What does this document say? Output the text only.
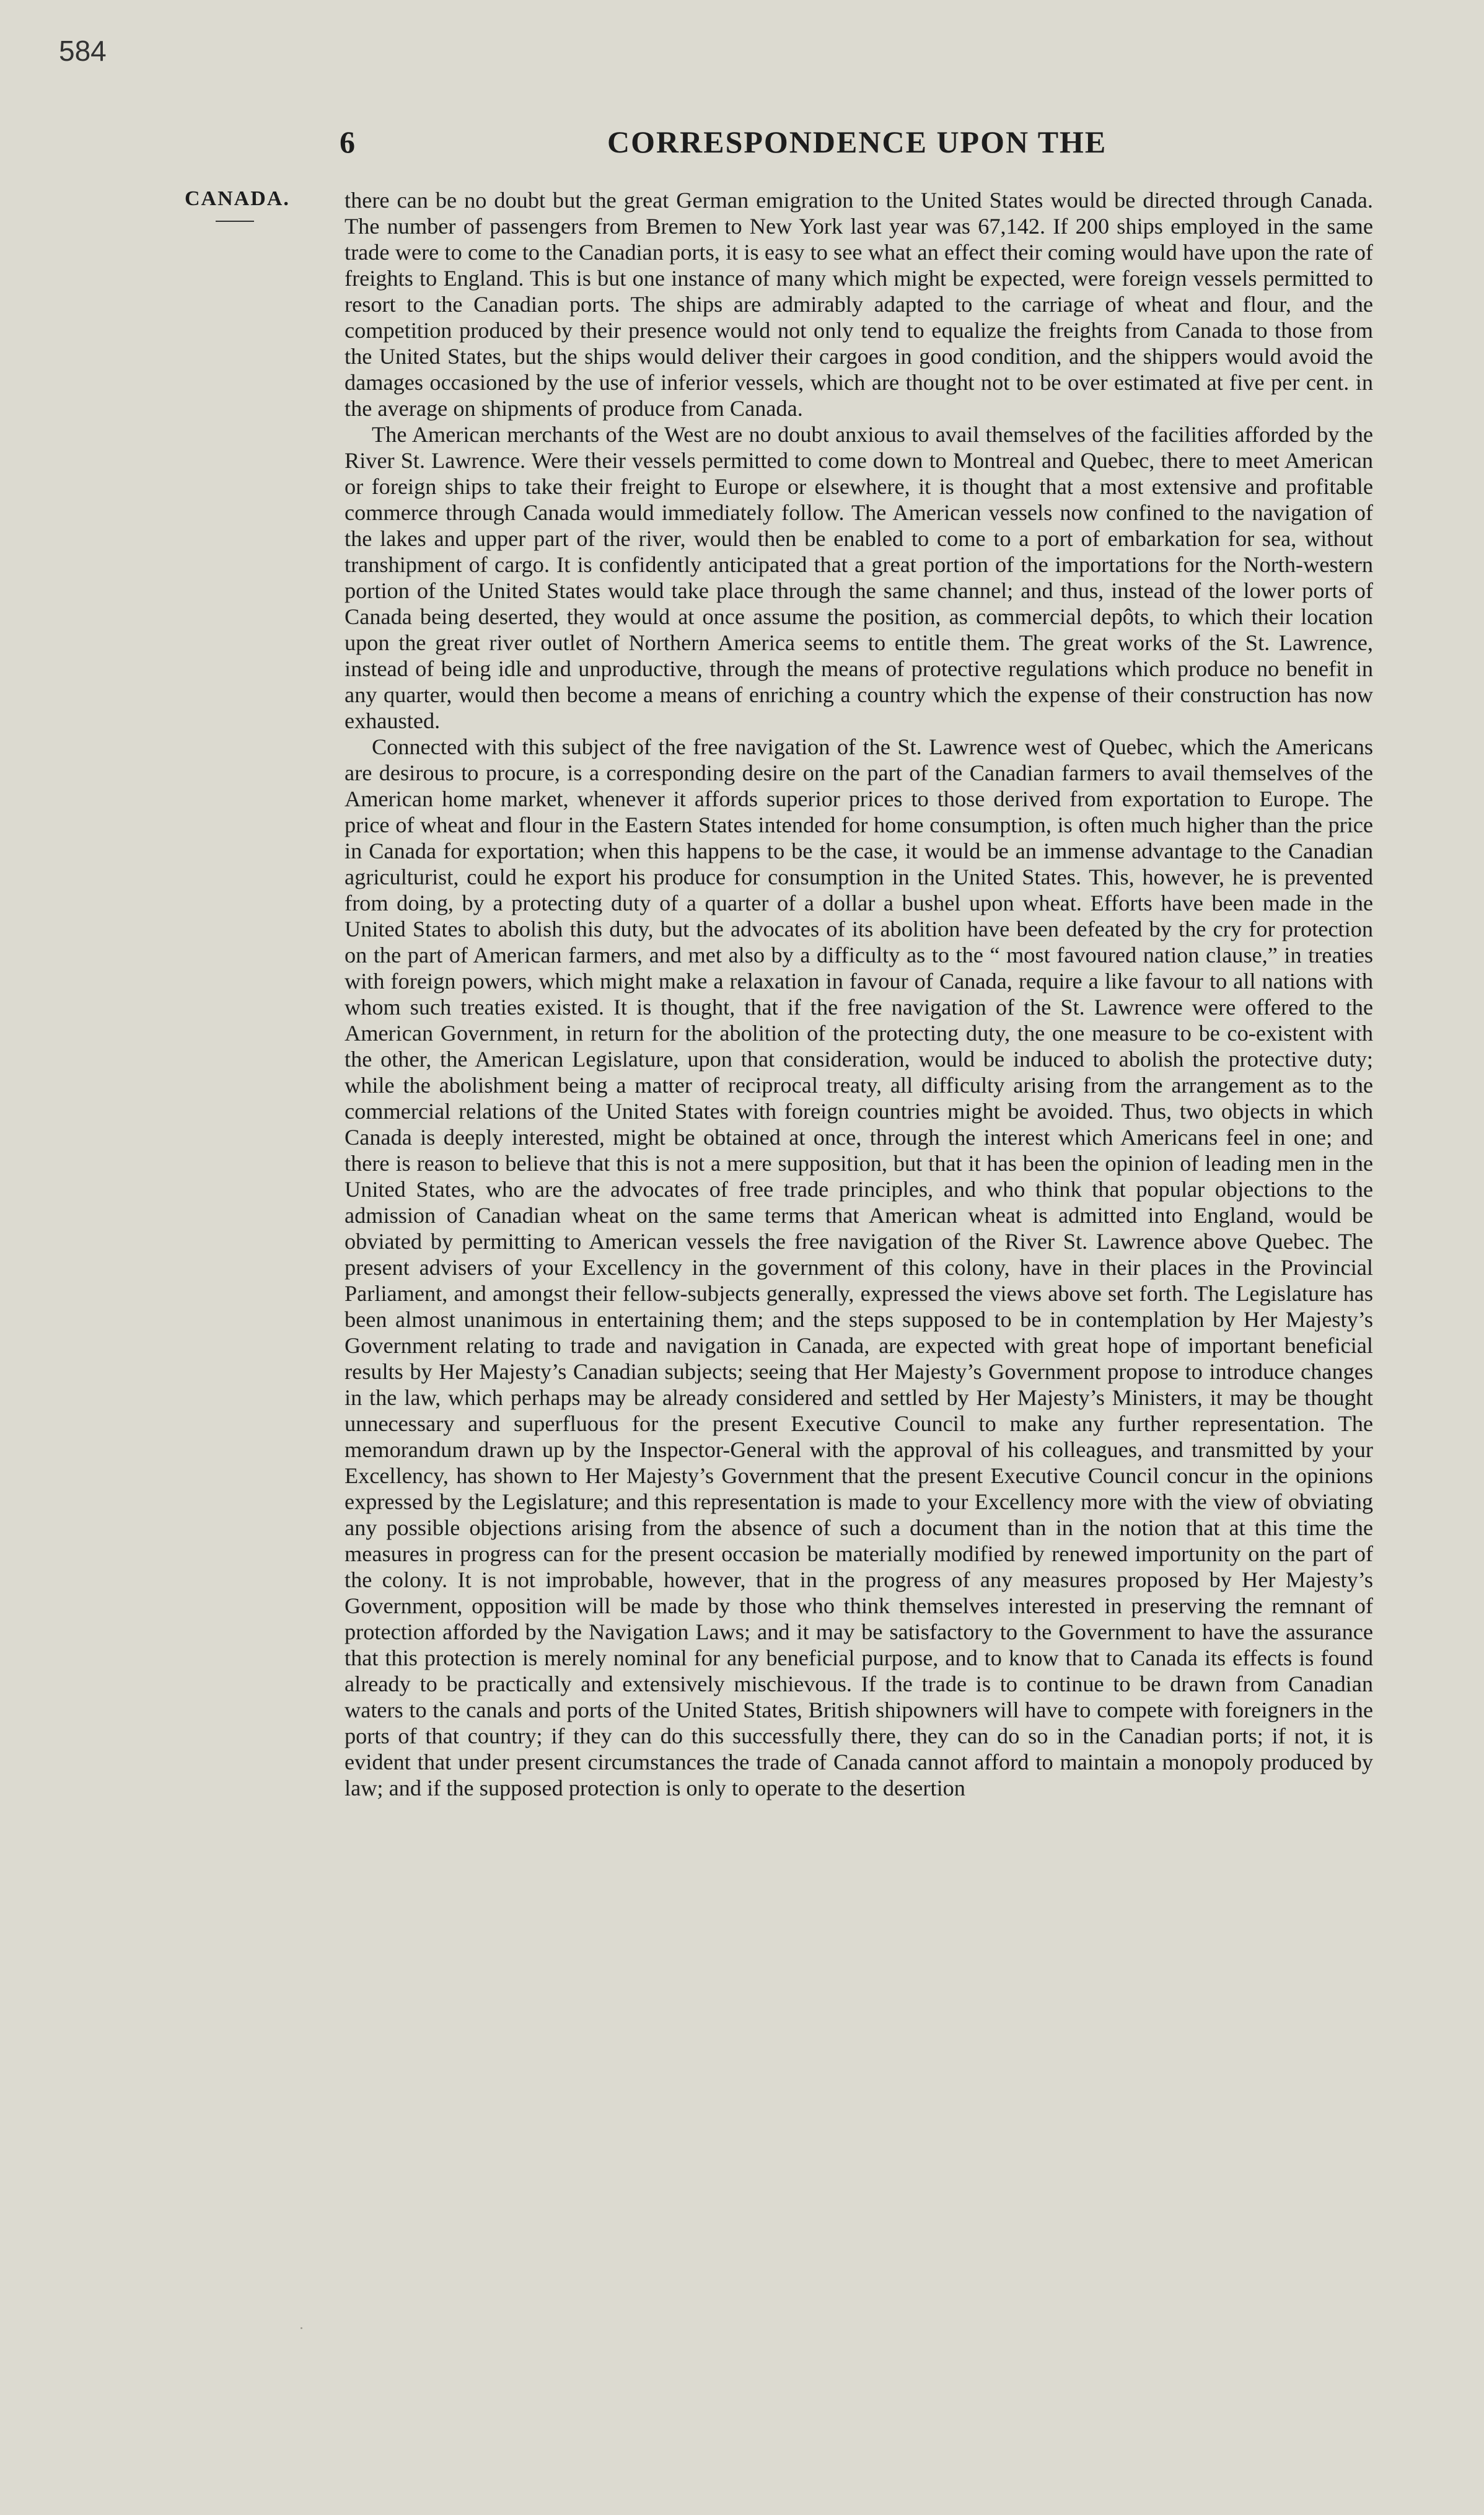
584
6	CORRESPONDENCE UPON THE
CANADA. there can be no doubt but the great German emigration to the United States would be directed through Canada. The number of passengers from Bremen to New York last year was 67,142. If 200 ships employed in the same trade were to come to the Canadian ports, it is easy to see what an effect their coming would have upon the rate of freights to England. This is but one instance of many which might be expected, were foreign vessels permitted to resort to the Canadian ports. The ships are admirably adapted to the carriage of wheat and flour, and the competition produced by their presence would not only tend to equalize the freights from Canada to those from the United States, but the ships would deliver their cargoes in good condition, and the shippers would avoid the damages occasioned by the use of inferior vessels, which are thought not to be over estimated at five per cent. in the average on shipments of produce from Canada.

The American merchants of the West are no doubt anxious to avail themselves of the facilities afforded by the River St. Lawrence. Were their vessels permitted to come down to Montreal and Quebec, there to meet American or foreign ships to take their freight to Europe or elsewhere, it is thought that a most extensive and profitable commerce through Canada would immediately follow. The American vessels now confined to the navigation of the lakes and upper part of the river, would then be enabled to come to a port of embarkation for sea, without transhipment of cargo. It is confidently anticipated that a great portion of the importations for the North-western portion of the United States would take place through the same channel; and thus, instead of the lower ports of Canada being deserted, they would at once assume the position, as commercial depôts, to which their location upon the great river outlet of Northern America seems to entitle them. The great works of the St. Lawrence, instead of being idle and unproductive, through the means of protective regulations which produce no benefit in any quarter, would then become a means of enriching a country which the expense of their construction has now exhausted.

Connected with this subject of the free navigation of the St. Lawrence west of Quebec, which the Americans are desirous to procure, is a corresponding desire on the part of the Canadian farmers to avail themselves of the American home market, whenever it affords superior prices to those derived from exportation to Europe. The price of wheat and flour in the Eastern States intended for home consumption, is often much higher than the price in Canada for exportation; when this happens to be the case, it would be an immense advantage to the Canadian agriculturist, could he export his produce for consumption in the United States. This, however, he is prevented from doing, by a protecting duty of a quarter of a dollar a bushel upon wheat. Efforts have been made in the United States to abolish this duty, but the advocates of its abolition have been defeated by the cry for protection on the part of American farmers, and met also by a difficulty as to the “ most favoured nation clause,” in treaties with foreign powers, which might make a relaxation in favour of Canada, require a like favour to all nations with whom such treaties existed. It is thought, that if the free navigation of the St. Lawrence were offered to the American Government, in return for the abolition of the protecting duty, the one measure to be co-existent with the other, the American Legislature, upon that consideration, would be induced to abolish the protective duty; while the abolishment being a matter of reciprocal treaty, all difficulty arising from the arrangement as to the commercial relations of the United States with foreign countries might be avoided. Thus, two objects in which Canada is deeply interested, might be obtained at once, through the interest which Americans feel in one; and there is reason to believe that this is not a mere supposition, but that it has been the opinion of leading men in the United States, who are the advocates of free trade principles, and who think that popular objections to the admission of Canadian wheat on the same terms that American wheat is admitted into England, would be obviated by permitting to American vessels the free navigation of the River St. Lawrence above Quebec. The present advisers of your Excellency in the government of this colony, have in their places in the Provincial Parliament, and amongst their fellow-subjects generally, expressed the views above set forth. The Legislature has been almost unanimous in entertaining them; and the steps supposed to be in contemplation by Her Majesty’s Government relating to trade and navigation in Canada, are expected with great hope of important beneficial results by Her Majesty’s Canadian subjects; seeing that Her Majesty’s Government propose to introduce changes in the law, which perhaps may be already considered and settled by Her Majesty’s Ministers, it may be thought unnecessary and superfluous for the present Executive Council to make any further representation. The memorandum drawn up by the Inspector-General with the approval of his colleagues, and transmitted by your Excellency, has shown to Her Majesty’s Government that the present Executive Council concur in the opinions expressed by the Legislature; and this representation is made to your Excellency more with the view of obviating any possible objections arising from the absence of such a document than in the notion that at this time the measures in progress can for the present occasion be materially modified by renewed importunity on the part of the colony. It is not improbable, however, that in the progress of any measures proposed by Her Majesty’s Government, opposition will be made by those who think themselves interested in preserving the remnant of protection afforded by the Navigation Laws; and it may be satisfactory to the Government to have the assurance that this protection is merely nominal for any beneficial purpose, and to know that to Canada its effects is found already to be practically and extensively mischievous. If the trade is to continue to be drawn from Canadian waters to the canals and ports of the United States, British shipowners will have to compete with foreigners in the ports of that country; if they can do this successfully there, they can do so in the Canadian ports; if not, it is evident that under present circumstances the trade of Canada cannot afford to maintain a monopoly produced by law; and if the supposed protection is only to operate to the desertion
